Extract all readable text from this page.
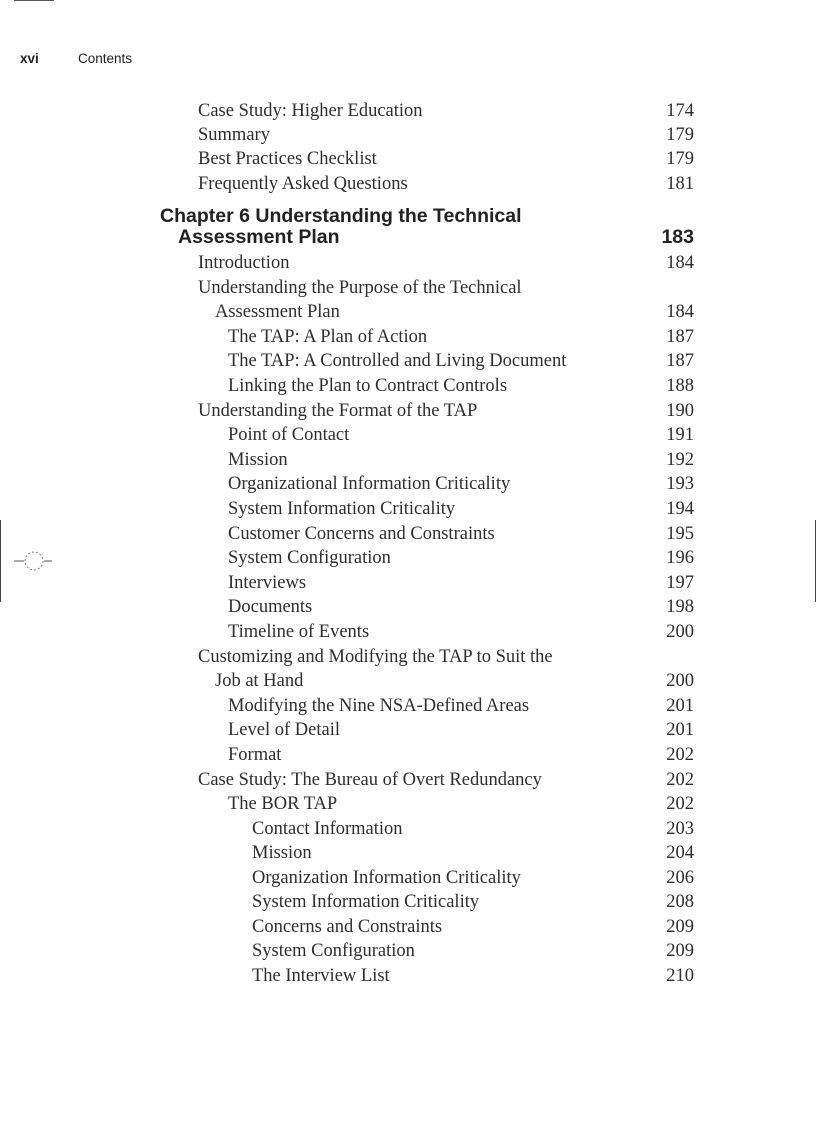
xvi	Contents
Case Study: Higher Education	174
Summary	179
Best Practices Checklist	179
Frequently Asked Questions	181
Chapter 6 Understanding the Technical
Assessment Plan	183
Introduction	184
Understanding the Purpose of the Technical
Assessment Plan	184
The TAP: A Plan of Action	187
The TAP: A Controlled and Living Document	187
Linking the Plan to Contract Controls	188
Understanding the Format of the TAP	190
Point of Contact	191
Mission	192
Organizational Information Criticality	193
System Information Criticality	194
Customer Concerns and Constraints	195
System Configuration	196
Interviews	197
Documents	198
Timeline of Events	200
Customizing and Modifying the TAP to Suit the
Job at Hand	200
Modifying the Nine NSA-Defined Areas	201
Level of Detail	201
Format	202
Case Study: The Bureau of Overt Redundancy	202
The BOR TAP	202
Contact Information	203
Mission	204
Organization Information Criticality	206
System Information Criticality	208
Concerns and Constraints	209
System Configuration	209
The Interview List	210
